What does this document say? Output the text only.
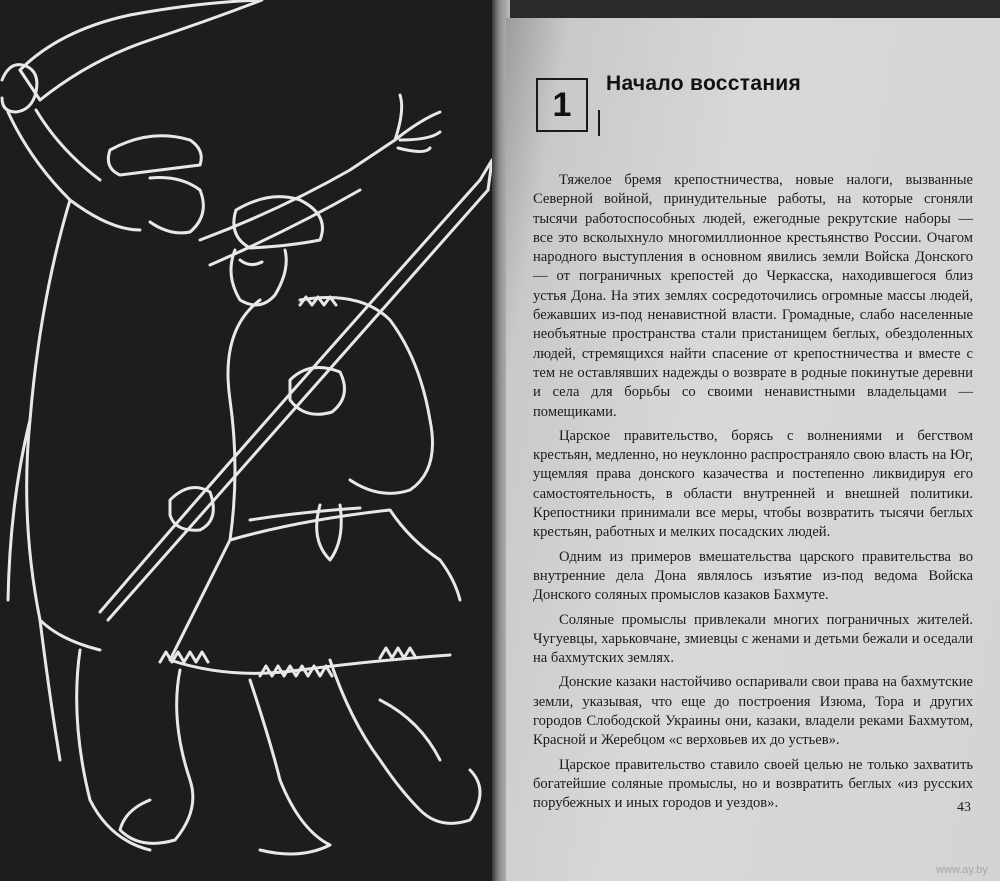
1
Начало восстания

Тяжелое бремя крепостничества, новые налоги, вызванные Северной войной, принудительные работы, на которые сгоняли тысячи работоспособных людей, ежегодные рекрутские наборы — все это всколыхнуло многомиллионное крестьянство России. Очагом народного выступления в основном явились земли Войска Донского — от пограничных крепостей до Черкасска, находившегося близ устья Дона. На этих землях сосредоточились огромные массы людей, бежавших из-под ненавистной власти. Громадные, слабо населенные необъятные пространства стали пристанищем беглых, обездоленных людей, стремящихся найти спасение от крепостничества и вместе с тем не оставлявших надежды о возврате в родные покинутые деревни и села для борьбы со своими ненавистными владельцами — помещиками.

Царское правительство, борясь с волнениями и бегством крестьян, медленно, но неуклонно распространяло свою власть на Юг, ущемляя права донского казачества и постепенно ликвидируя его самостоятельность, в области внутренней и внешней политики. Крепостники принимали все меры, чтобы возвратить тысячи беглых крестьян, работных и мелких посадских людей.

Одним из примеров вмешательства царского правительства во внутренние дела Дона являлось изъятие из-под ведома Войска Донского соляных промыслов казаков Бахмуте.

Соляные промыслы привлекали многих пограничных жителей. Чугуевцы, харьковчане, змиевцы с женами и детьми бежали и оседали на бахмутских землях.

Донские казаки настойчиво оспаривали свои права на бахмутские земли, указывая, что еще до построения Изюма, Тора и других городов Слободской Украины они, казаки, владели реками Бахмутом, Красной и Жеребцом «с верховьев их до устьев».

Царское правительство ставило своей целью не только захватить богатейшие соляные промыслы, но и возвратить беглых «из русских порубежных и иных городов и уездов».	43
www.ay.by
